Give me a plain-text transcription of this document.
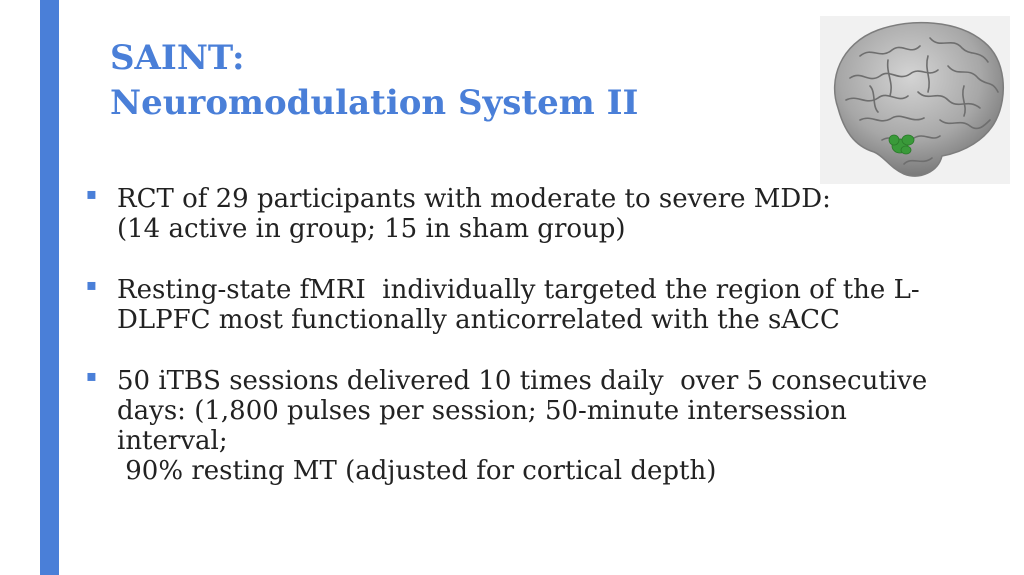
SAINT:
Neuromodulation System II
▪ RCT of 29 participants with moderate to severe MDD:
(14 active in group; 15 in sham group)
▪ Resting-state fMRI  individually targeted the region of the L-
DLPFC most functionally anticorrelated with the sACC
▪ 50 iTBS sessions delivered 10 times daily  over 5 consecutive
days: (1,800 pulses per session; 50-minute intersession
interval;
90% resting MT (adjusted for cortical depth)
